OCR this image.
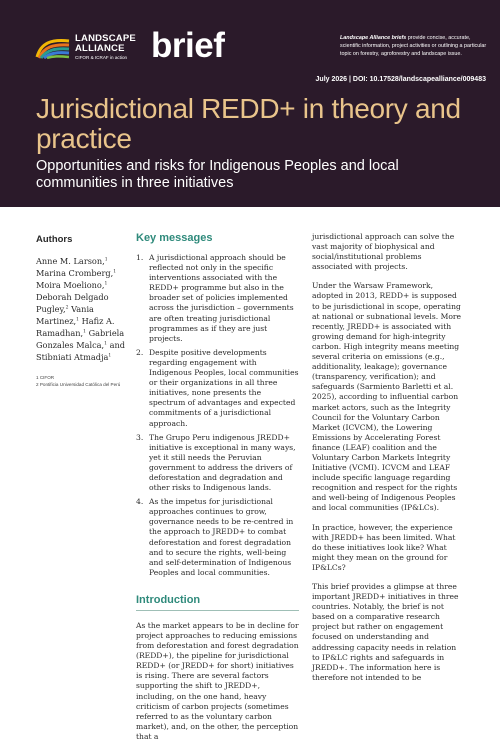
LANDSCAPE
ALLIANCE
CIFOR & ICRAF in action brief	Landscape Alliance briefs provide concise, accurate, scientific information, project activities or outlining a particular topic on forestry, agroforestry and landscape issue.
July 2026 | DOI: 10.17528/landscapealliance/009483
Jurisdictional REDD+ in theory and practice

Opportunities and risks for Indigenous Peoples and local communities in three initiatives

Authors

Anne M. Larson,$^1$ Marina Cromberg,$^1$ Moira Moeliono,$^1$ Deborah Delgado Pugley,$^2$ Vania Martinez,$^1$ Hafiz A. Ramadhan,$^1$ Gabriela Gonzales Malca,$^1$ and Stibniati Atmadja$^1$

1 CIFOR
2 Pontificia Universidad Católica del Perú
Key messages
1. A jurisdictional approach should be reflected not only in the specific interventions associated with the REDD+ programme but also in the broader set of policies implemented across the jurisdiction – governments are often treating jurisdictional programmes as if they are just projects.
2. Despite positive developments regarding engagement with Indigenous Peoples, local communities or their organizations in all three initiatives, none presents the spectrum of advantages and expected commitments of a jurisdictional approach.
3. The Grupo Peru indigenous JREDD+ initiative is exceptional in many ways, yet it still needs the Peruvian government to address the drivers of deforestation and degradation and other risks to Indigenous lands.
4. As the impetus for jurisdictional approaches continues to grow, governance needs to be re-centred in the approach to JREDD+ to combat deforestation and forest degradation and to secure the rights, well-being and self-determination of Indigenous Peoples and local communities.
Introduction

As the market appears to be in decline for project approaches to reducing emissions from deforestation and forest degradation (REDD+), the pipeline for jurisdictional REDD+ (or JREDD+ for short) initiatives is rising. There are several factors supporting the shift to JREDD+, including, on the one hand, heavy criticism of carbon projects (sometimes referred to as the voluntary carbon market), and, on the other, the perception that a

jurisdictional approach can solve the vast majority of biophysical and social/institutional problems associated with projects.

Under the Warsaw Framework, adopted in 2013, REDD+ is supposed to be jurisdictional in scope, operating at national or subnational levels. More recently, JREDD+ is associated with growing demand for high-integrity carbon. High integrity means meeting several criteria on emissions (e.g., additionality, leakage); governance (transparency, verification); and safeguards (Sarmiento Barletti et al. 2025), according to influential carbon market actors, such as the Integrity Council for the Voluntary Carbon Market (ICVCM), the Lowering Emissions by Accelerating Forest finance (LEAF) coalition and the Voluntary Carbon Markets Integrity Initiative (VCMI). ICVCM and LEAF include specific language regarding recognition and respect for the rights and well-being of Indigenous Peoples and local communities (IP&LCs).

In practice, however, the experience with JREDD+ has been limited. What do these initiatives look like? What might they mean on the ground for IP&LCs?

This brief provides a glimpse at three important JREDD+ initiatives in three countries. Notably, the brief is not based on a comparative research project but rather on engagement focused on understanding and addressing capacity needs in relation to IP&LC rights and safeguards in JREDD+. The information here is therefore not intended to be
